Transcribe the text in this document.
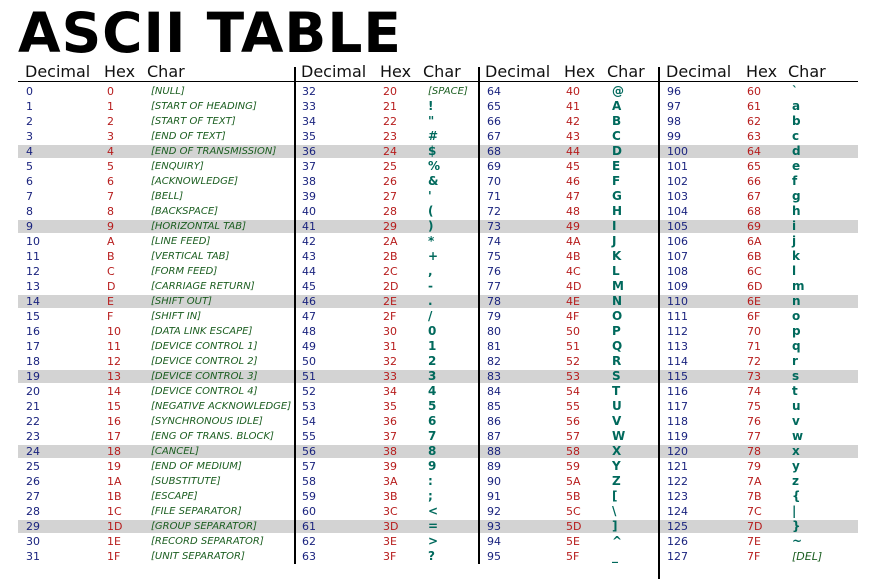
ASCII TABLE
Decimal Hex Char	Decimal Hex Char Decimal Hex Char Decimal Hex Char
0	0	[NULL]
1	1	[START OF HEADING]
2	2	[START OF TEXT]
3	3	[END OF TEXT]
4	4	[END OF TRANSMISSION]
5	5	[ENQUIRY]
6	6	[ACKNOWLEDGE]
7	7	[BELL]
8	8	[BACKSPACE]
9	9	[HORIZONTAL TAB]
10	A	[LINE FEED]
11	B	[VERTICAL TAB]
12	C	[FORM FEED]
13	D	[CARRIAGE RETURN]
14	E	[SHIFT OUT]
15	F	[SHIFT IN]
16	10	[DATA LINK ESCAPE]
17	11	[DEVICE CONTROL 1]
18	12	[DEVICE CONTROL 2]
19	13	[DEVICE CONTROL 3]
20	14	[DEVICE CONTROL 4]
21	15	[NEGATIVE ACKNOWLEDGE]
22	16	[SYNCHRONOUS IDLE]
23	17	[ENG OF TRANS. BLOCK]
24	18	[CANCEL]
25	19	[END OF MEDIUM]
26	1A	[SUBSTITUTE]
27	1B	[ESCAPE]
28	1C	[FILE SEPARATOR]
29	1D	[GROUP SEPARATOR]
30	1E	[RECORD SEPARATOR]
31	1F	[UNIT SEPARATOR]
32	20	[SPACE]
33	21	!
34	22	"
35	23	#
36	24	$
37	25	%
38	26	&
39	27	'
40	28	(
41	29	)
42	2A	*
43	2B	+
44	2C	,
45	2D -
46	2E	.
47	2F	/
48	30	0
49	31	1
50	32	2
51	33	3
52	34	4
53	35	5
54	36	6
55	37	7
56	38	8
57	39	9
58	3A	:
59	3B	;
60	3C	<
61	3D =
62	3E	>
63	3F	?
64	40	@
65	41	A
66	42	B
67	43	C
68	44	D
69	45	E
70	46	F
71	47	G
72	48	H
73	49	I
74	4A	J
75	4B	K
76	4C	L
77	4D	M
78	4E	N
79	4F	O
80	50	P
81	51	Q
82	52	R
83	53	S
84	54	T
85	55	U
86	56	V
87	57	W
88	58	X
89	59	Y
90	5A	Z
91	5B	[
92	5C	\
93	5D	]
94	5E	^
95	5F	_
96	60	`
97	61	a
98	62	b
99	63	c
100	64	d
101	65	e
102	66	f
103	67	g
104	68	h
105	69	i
106	6A	j
107	6B	k
108	6C	l
109	6D m
110	6E	n
111	6F	o
112	70	p
113	71	q
114	72	r
115	73	s
116	74	t
117	75	u
118	76	v
119	77	w
120	78	x
121	79	y
122	7A	z
123	7B	{
124	7C	|
125	7D }
126	7E	~
127	7F	[DEL]
